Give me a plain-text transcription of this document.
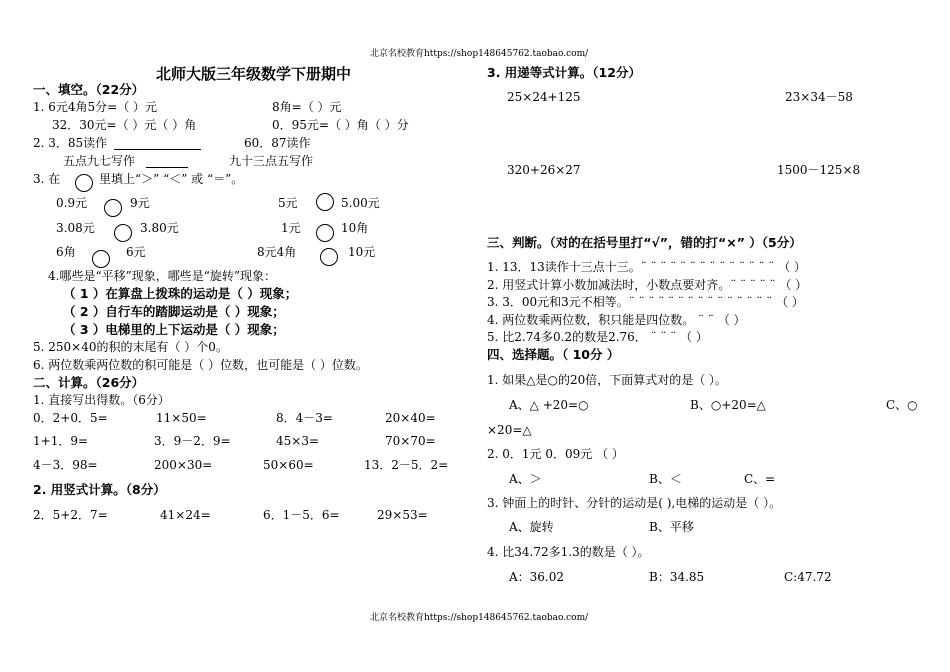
北京名校教育https://shop148645762.taobao.com/
北师大版三年级数学下册期中
一、填空。（22分）
1. 6元4角5分=（ ）元	8角=（ ）元
32．30元=（ ）元（ ）角	0．95元=（ ）角（ ）分
2. 3．85读作	60．87读作
五点九七写作	九十三点五写作
3. 在	里填上“＞” “＜” 或 “＝”。
0.9元	9元	5元	5.00元
3.08元	3.80元	1元	10角
6角	6元	8元4角	10元
4.哪些是“平移”现象，哪些是“旋转”现象：
（ 1 ）在算盘上拨珠的运动是（ ）现象；
（ 2 ）自行车的踏脚运动是（ ）现象；
（ 3 ）电梯里的上下运动是（ ）现象；
5. 250×40的积的末尾有（ ）个0。
6. 两位数乘两位数的积可能是（ ）位数，也可能是（ ）位数。
二、计算。（26分）
1. 直接写出得数。（6分）
0．2+0．5=	11×50=	8．4－3=	20×40=
1+1．9=	3．9－2．9=	45×3=	70×70=
4－3．98=	200×30=	50×60=	13．2－5．2=
2. 用竖式计算。（8分）
2．5+2．7=	41×24=	6．1－5．6=	29×53=
3. 用递等式计算。（12分）
25×24+125	23×34－58
320+26×27	1500－125×8
三、判断。（对的在括号里打“√”，错的打“×” ）（5分）
1. 13．13读作十三点十三。¨ ¨ ¨ ¨ ¨ ¨ ¨ ¨ ¨ ¨ ¨ ¨ ¨ ¨ （ ）
2. 用竖式计算小数加减法时，小数点要对齐。¨ ¨ ¨ ¨ ¨ （ ）
3. 3．00元和3元不相等。¨ ¨ ¨ ¨ ¨ ¨ ¨ ¨ ¨ ¨ ¨ ¨ ¨ ¨ ¨ （ ）
4. 两位数乘两位数，积只能是四位数。 ¨ ¨ （ ）
5. 比2.74多0.2的数是2.76． ¨ ¨ ¨ （ ）
四、选择题。（ 10分 ）
1. 如果△是○的20倍，下面算式对的是（ ）。
A、△ +20=○	B、○+20=△	C、○
×20=△
2. 0．1元 0．09元 （ ）
A、＞	B、＜	C、=
3. 钟面上的时针、分针的运动是( ),电梯的运动是（ ）。
A、旋转	B、平移
4. 比34.72多1.3的数是（ ）。
A：36.02	B：34.85	C:47.72
北京名校教育https://shop148645762.taobao.com/
